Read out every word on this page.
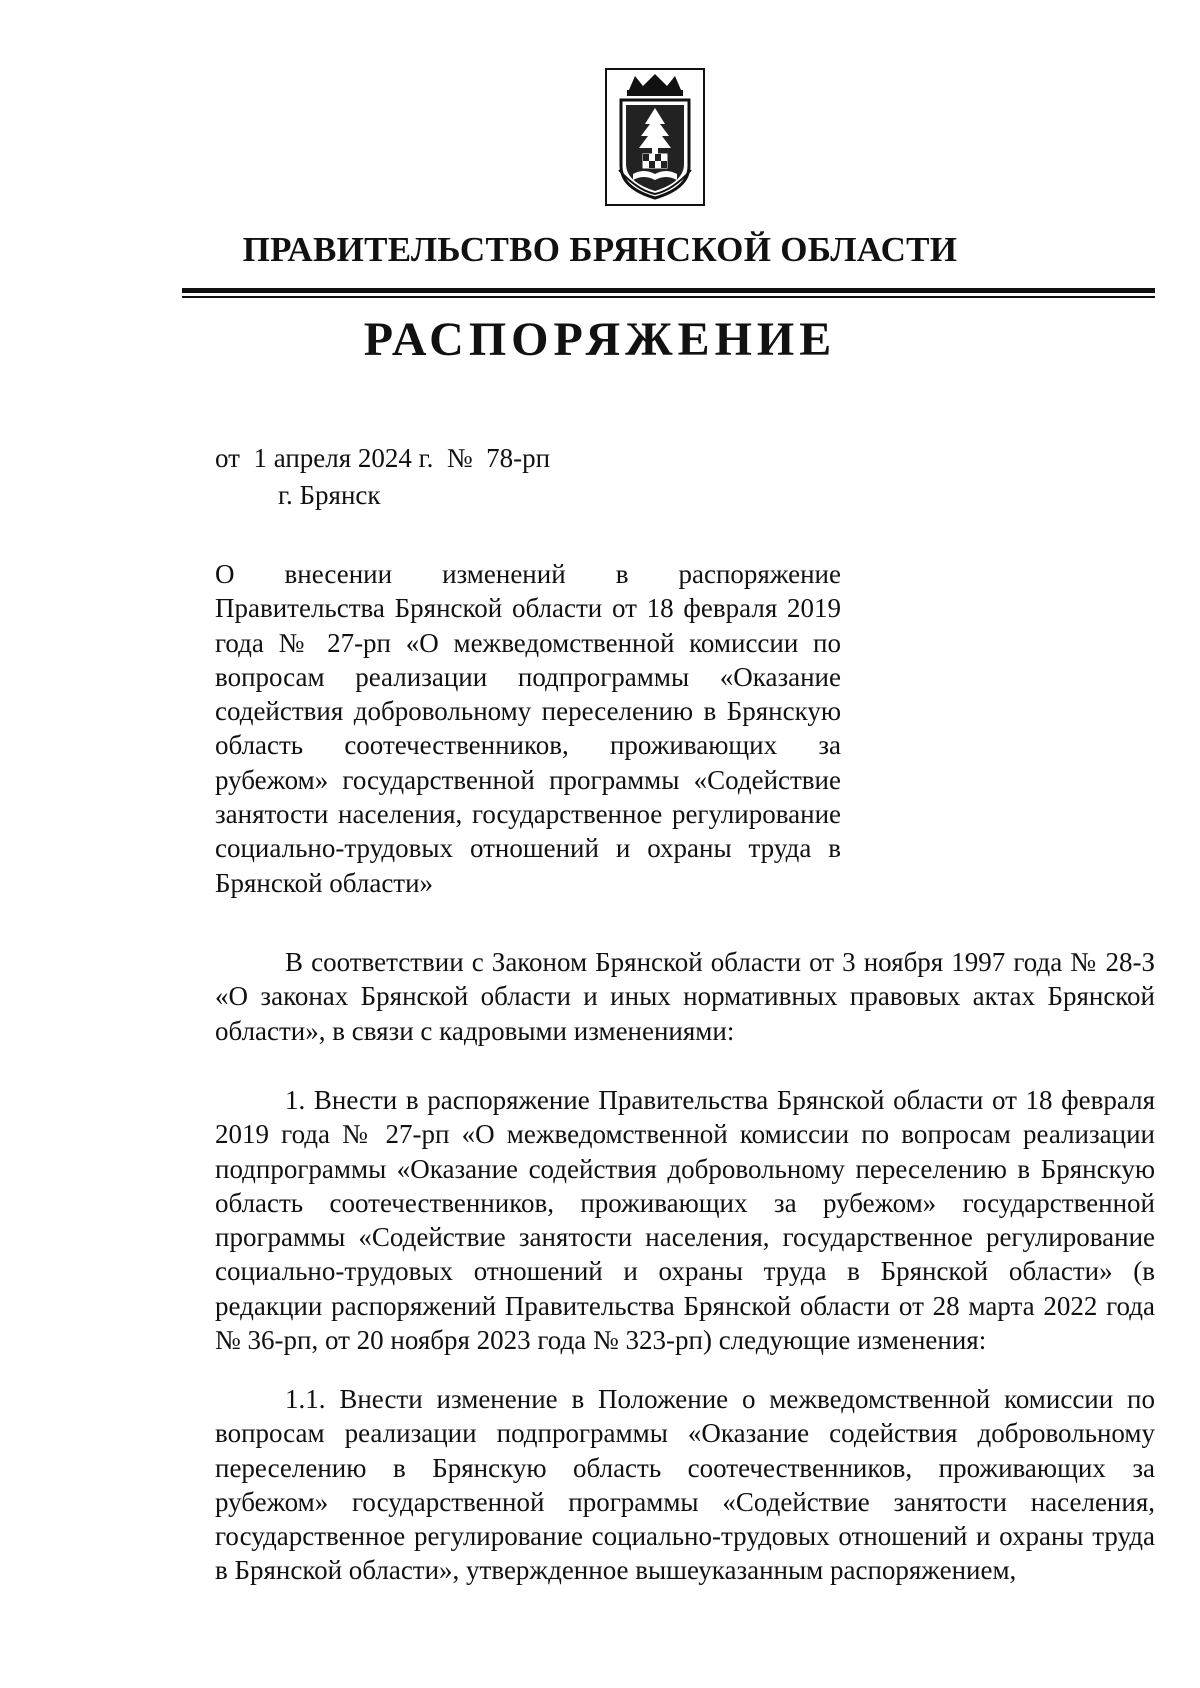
ПРАВИТЕЛЬСТВО БРЯНСКОЙ ОБЛАСТИ
РАСПОРЯЖЕНИЕ
от  1 апреля 2024 г.  №  78-рп
г. Брянск

О внесении изменений в распоряжение Правительства Брянской области от 18 февраля 2019 года № 27-рп «О межведомственной комиссии по вопросам реализации подпрограммы «Оказание содействия добровольному переселению в Брянскую область соотечественников, проживающих за рубежом» государственной программы «Содействие занятости населения, государственное регулирование социально-трудовых отношений и охраны труда в Брянской области»

В соответствии с Законом Брянской области от 3 ноября 1997 года № 28-З «О законах Брянской области и иных нормативных правовых актах Брянской области», в связи с кадровыми изменениями:

1. Внести в распоряжение Правительства Брянской области от 18 февраля 2019 года № 27-рп «О межведомственной комиссии по вопросам реализации подпрограммы «Оказание содействия добровольному переселению в Брянскую область соотечественников, проживающих за рубежом» государственной программы «Содействие занятости населения, государственное регулирование социально-трудовых отношений и охраны труда в Брянской области» (в редакции распоряжений Правительства Брянской области от 28 марта 2022 года № 36-рп, от 20 ноября 2023 года № 323-рп) следующие изменения:

1.1. Внести изменение в Положение о межведомственной комиссии по вопросам реализации подпрограммы «Оказание содействия добровольному переселению в Брянскую область соотечественников, проживающих за рубежом» государственной программы «Содействие занятости населения, государственное регулирование социально-трудовых отношений и охраны труда в Брянской области», утвержденное вышеуказанным распоряжением,
